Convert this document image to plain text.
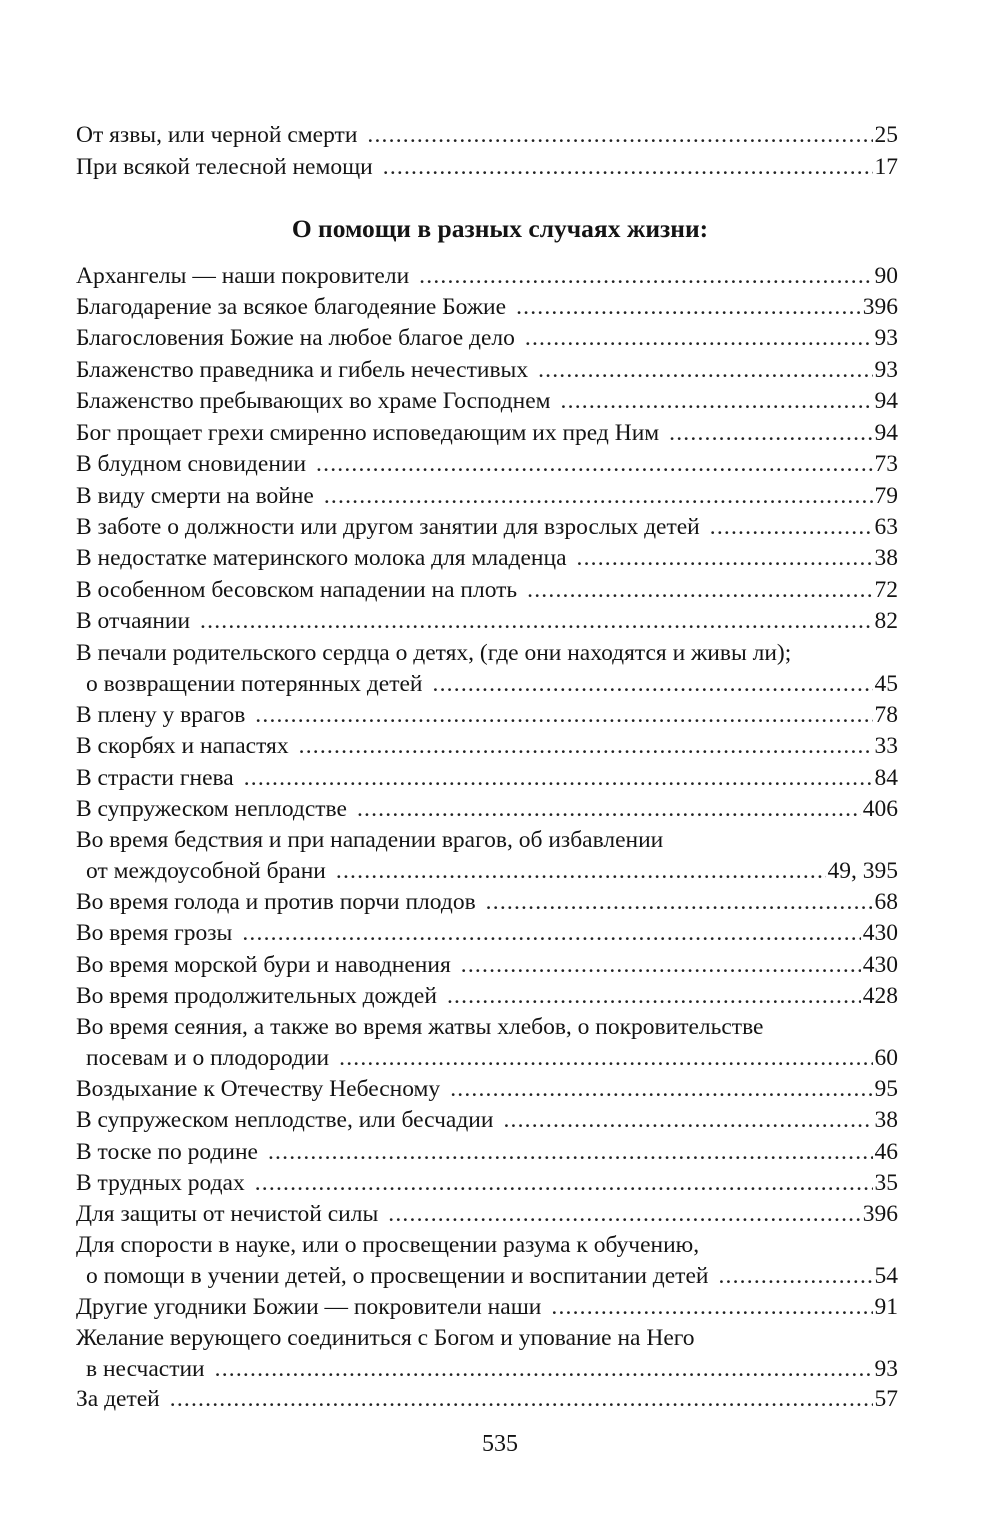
От язвы, или черной смерти .....	25
При всякой телесной немощи .....	17
О помощи в разных случаях жизни:
Архангелы — наши покровители .....	90
Благодарение за всякое благодеяние Божие .....	396
Благословения Божие на любое благое дело .....	93
Блаженство праведника и гибель нечестивых .....	93
Блаженство пребывающих во храме Господнем .....	94
Бог прощает грехи смиренно исповедающим их пред Ним .....	94
В блудном сновидении .....	73
В виду смерти на войне .....	79
В заботе о должности или другом занятии для взрослых детей .....	63
В недостатке материнского молока для младенца .....	38
В особенном бесовском нападении на плоть .....	72
В отчаянии .....	82
В печали родительского сердца о детях, (где они находятся и живы ли);
о возвращении потерянных детей .....	45
В плену у врагов .....	78
В скорбях и напастях .....	33
В страсти гнева .....	84
В супружеском неплодстве .....	406
Во время бедствия и при нападении врагов, об избавлении
от междоусобной брани .....	49, 395
Во время голода и против порчи плодов .....	68
Во время грозы .....	430
Во время морской бури и наводнения .....	430
Во время продолжительных дождей .....	428
Во время сеяния, а также во время жатвы хлебов, о покровительстве
посевам и о плодородии .....	60
Воздыхание к Отечеству Небесному .....	95
В супружеском неплодстве, или бесчадии .....	38
В тоске по родине .....	46
В трудных родах .....	35
Для защиты от нечистой силы .....	396
Для спорости в науке, или о просвещении разума к обучению,
о помощи в учении детей, о просвещении и воспитании детей .....	54
Другие угодники Божии — покровители наши .....	91
Желание верующего соединиться с Богом и упование на Него
в несчастии .....	93
За детей .....	57
535
